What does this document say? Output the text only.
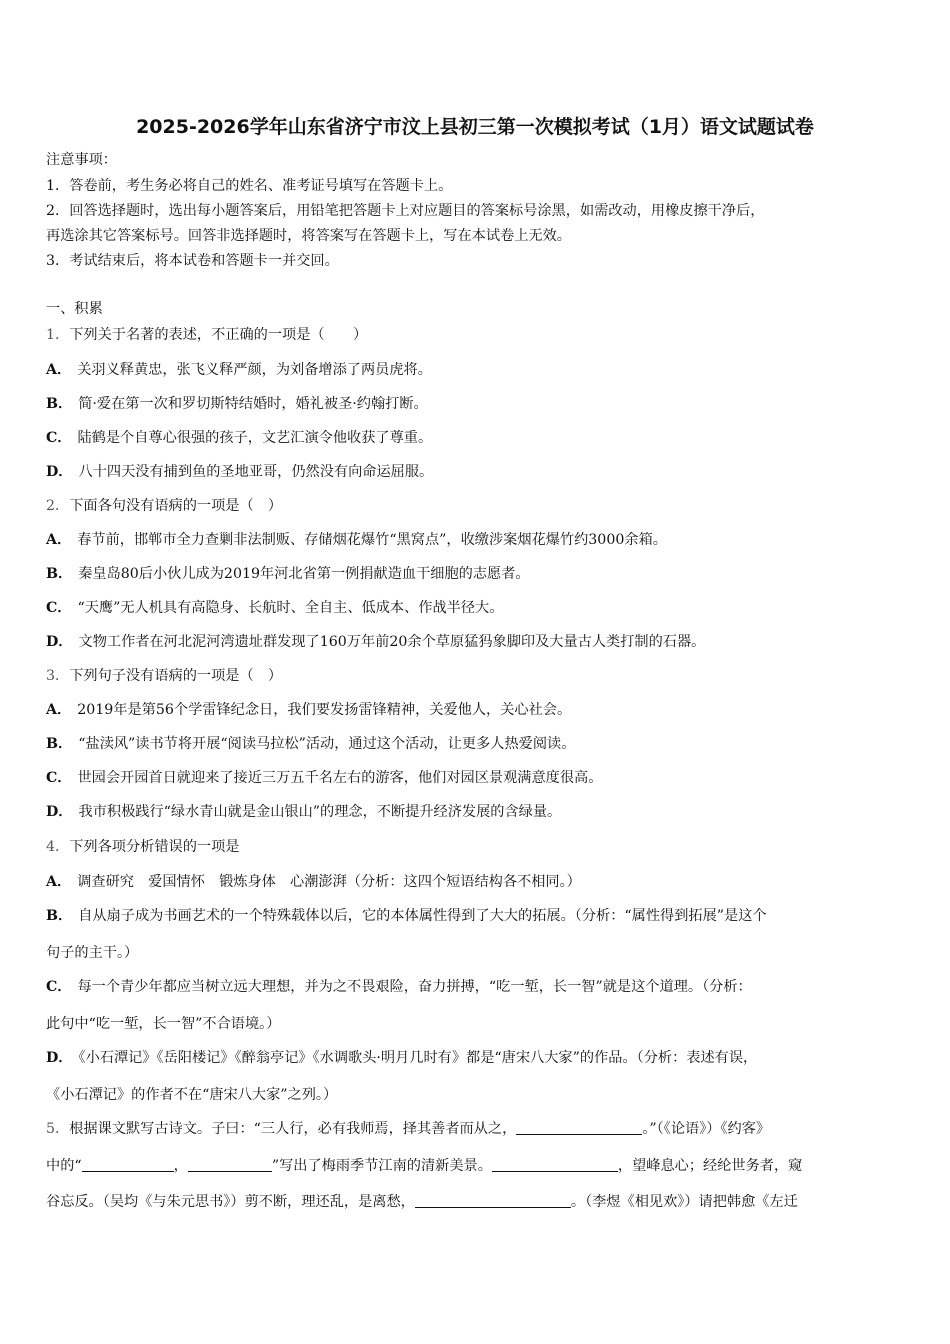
2025-2026学年山东省济宁市汶上县初三第一次模拟考试（1月）语文试题试卷
注意事项：
1．答卷前，考生务必将自己的姓名、准考证号填写在答题卡上。
2．回答选择题时，选出每小题答案后，用铅笔把答题卡上对应题目的答案标号涂黑，如需改动，用橡皮擦干净后，
再选涂其它答案标号。回答非选择题时，将答案写在答题卡上，写在本试卷上无效。
3．考试结束后，将本试卷和答题卡一并交回。
一、积累
1．下列关于名著的表述，不正确的一项是（　　）
A． 关羽义释黄忠，张飞义释严颜，为刘备增添了两员虎将。
B． 简·爱在第一次和罗切斯特结婚时，婚礼被圣·约翰打断。
C． 陆鹤是个自尊心很强的孩子，文艺汇演令他收获了尊重。
D． 八十四天没有捕到鱼的圣地亚哥，仍然没有向命运屈服。
2．下面各句没有语病的一项是（　）
A． 春节前，邯郸市全力查剿非法制贩、存储烟花爆竹“黑窝点”，收缴涉案烟花爆竹约3000余箱。
B． 秦皇岛80后小伙儿成为2019年河北省第一例捐献造血干细胞的志愿者。
C． “天鹰”无人机具有高隐身、长航时、全自主、低成本、作战半径大。
D． 文物工作者在河北泥河湾遗址群发现了160万年前20余个草原猛犸象脚印及大量古人类打制的石器。
3．下列句子没有语病的一项是（　）
A． 2019年是第56个学雷锋纪念日，我们要发扬雷锋精神，关爱他人，关心社会。
B． “盐渎风”读书节将开展“阅读马拉松”活动，通过这个活动，让更多人热爱阅读。
C． 世园会开园首日就迎来了接近三万五千名左右的游客，他们对园区景观满意度很高。
D． 我市积极践行“绿水青山就是金山银山”的理念，不断提升经济发展的含绿量。
4．下列各项分析错误的一项是
A． 调查研究　爱国情怀　锻炼身体　心潮澎湃（分析：这四个短语结构各不相同。）
B． 自从扇子成为书画艺术的一个特殊载体以后，它的本体属性得到了大大的拓展。（分析：“属性得到拓展”是这个
句子的主干。）
C． 每一个青少年都应当树立远大理想，并为之不畏艰险，奋力拼搏，“吃一堑，长一智”就是这个道理。（分析：
此句中“吃一堑，长一智”不合语境。）
D． 《小石潭记》《岳阳楼记》《醉翁亭记》《水调歌头·明月几时有》都是“唐宋八大家”的作品。（分析：表述有误，
《小石潭记》的作者不在“唐宋八大家”之列。）
5．根据课文默写古诗文。子曰：“三人行，必有我师焉，择其善者而从之，	。”（《论语》）《约客》
中的“	，	”写出了梅雨季节江南的清新美景。	，望峰息心；经纶世务者，窥
谷忘反。（吴均《与朱元思书》）剪不断，理还乱，是离愁，	。（李煜《相见欢》）请把韩愈《左迁
